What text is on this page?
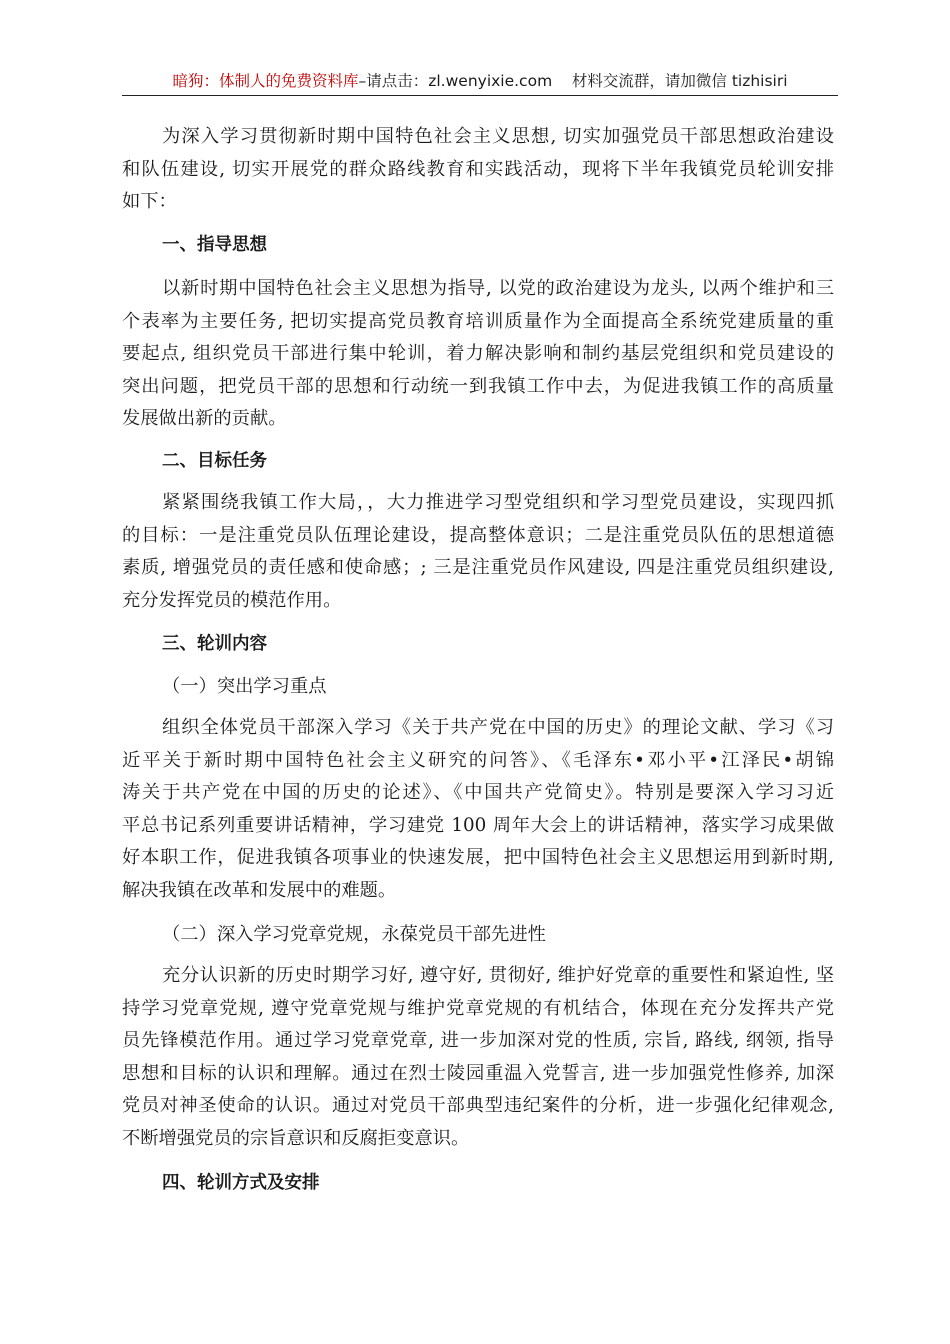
暗狗：体制人的免费资料库–请点击：zl.wenyixie.com 材料交流群，请加微信 tizhisiri
为深入学习贯彻新时期中国特色社会主义思想, 切实加强党员干部思想政治建设
和队伍建设, 切实开展党的群众路线教育和实践活动，现将下半年我镇党员轮训安排
如下：
一、指导思想
以新时期中国特色社会主义思想为指导, 以党的政治建设为龙头, 以两个维护和三
个表率为主要任务, 把切实提高党员教育培训质量作为全面提高全系统党建质量的重
要起点, 组织党员干部进行集中轮训，着力解决影响和制约基层党组织和党员建设的
突出问题，把党员干部的思想和行动统一到我镇工作中去，为促进我镇工作的高质量
发展做出新的贡献。
二、目标任务
紧紧围绕我镇工作大局，，大力推进学习型党组织和学习型党员建设，实现四抓
的目标：一是注重党员队伍理论建设，提高整体意识；二是注重党员队伍的思想道德
素质, 增强党员的责任感和使命感；; 三是注重党员作风建设, 四是注重党员组织建设,
充分发挥党员的模范作用。
三、轮训内容
（一）突出学习重点
组织全体党员干部深入学习《关于共产党在中国的历史》的理论文献、学习《习
近平关于新时期中国特色社会主义研究的问答》、《毛泽东•邓小平•江泽民•胡锦
涛关于共产党在中国的历史的论述》、《中国共产党简史》。特别是要深入学习习近
平总书记系列重要讲话精神，学习建党 100 周年大会上的讲话精神，落实学习成果做
好本职工作，促进我镇各项事业的快速发展，把中国特色社会主义思想运用到新时期,
解决我镇在改革和发展中的难题。
（二）深入学习党章党规，永葆党员干部先进性
充分认识新的历史时期学习好, 遵守好, 贯彻好, 维护好党章的重要性和紧迫性, 坚
持学习党章党规, 遵守党章党规与维护党章党规的有机结合，体现在充分发挥共产党
员先锋模范作用。通过学习党章党章, 进一步加深对党的性质, 宗旨, 路线, 纲领, 指导
思想和目标的认识和理解。通过在烈士陵园重温入党誓言, 进一步加强党性修养, 加深
党员对神圣使命的认识。通过对党员干部典型违纪案件的分析，进一步强化纪律观念,
不断增强党员的宗旨意识和反腐拒变意识。
四、轮训方式及安排
